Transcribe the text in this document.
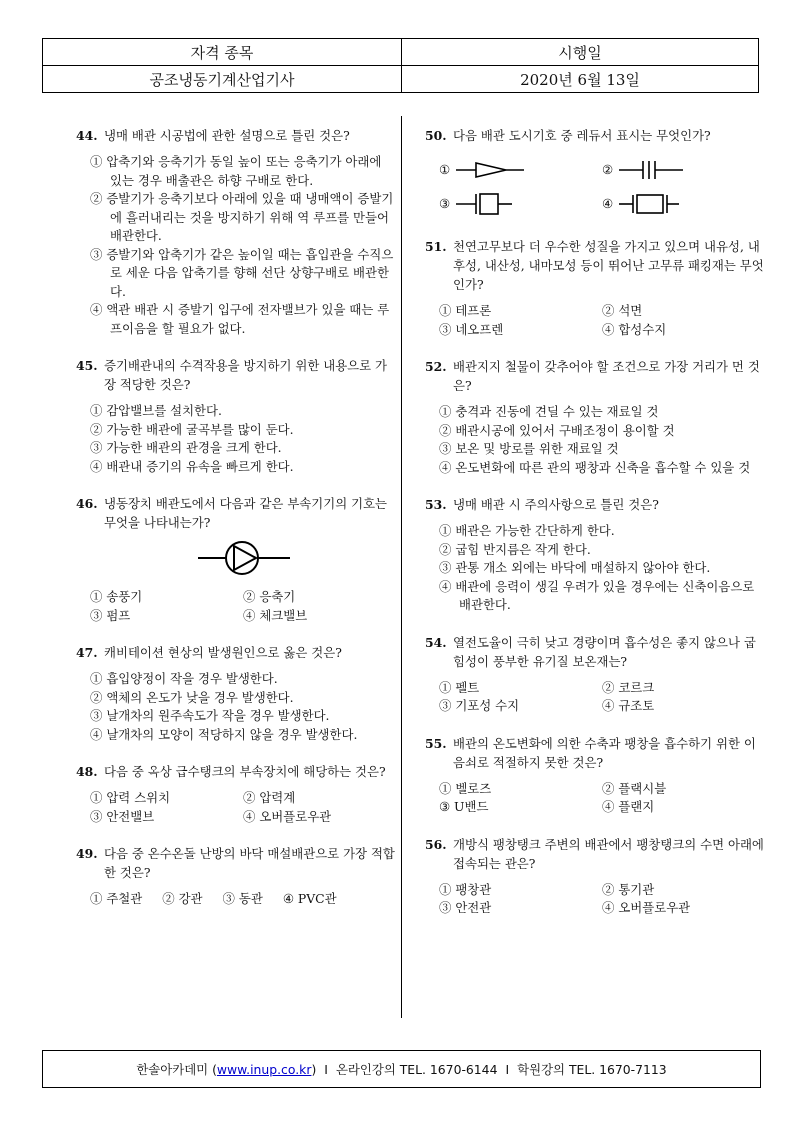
자격 종목	시행일
공조냉동기계산업기사	2020년 6월 13일
44. 냉매 배관 시공법에 관한 설명으로 틀린 것은?
① 압축기와 응축기가 동일 높이 또는 응축기가 아래에 있는 경우 배출관은 하향 구배로 한다.
② 증발기가 응축기보다 아래에 있을 때 냉매액이 증발기에 흘러내리는 것을 방지하기 위해 역 루프를 만들어 배관한다.
③ 증발기와 압축기가 같은 높이일 때는 흡입관을 수직으로 세운 다음 압축기를 향해 선단 상향구배로 배관한다.
④ 액관 배관 시 증발기 입구에 전자밸브가 있을 때는 루프이음을 할 필요가 없다.
45. 증기배관내의 수격작용을 방지하기 위한 내용으로 가장 적당한 것은?
① 감압밸브를 설치한다.
② 가능한 배관에 굴곡부를 많이 둔다.
③ 가능한 배관의 관경을 크게 한다.
④ 배관내 증기의 유속을 빠르게 한다.
46. 냉동장치 배관도에서 다음과 같은 부속기기의 기호는 무엇을 나타내는가?
① 송풍기	② 응축기
③ 펌프	④ 체크밸브
47. 캐비테이션 현상의 발생원인으로 옳은 것은?
① 흡입양정이 작을 경우 발생한다.
② 액체의 온도가 낮을 경우 발생한다.
③ 날개차의 원주속도가 작을 경우 발생한다.
④ 날개차의 모양이 적당하지 않을 경우 발생한다.
48. 다음 중 옥상 급수탱크의 부속장치에 해당하는 것은?
① 압력 스위치	② 압력계
③ 안전밸브	④ 오버플로우관
49. 다음 중 온수온돌 난방의 바닥 매설배관으로 가장 적합한 것은?
① 주철관 ② 강관 ③ 동관 ④ PVC관
50. 다음 배관 도시기호 중 레듀서 표시는 무엇인가?
①	②
③	④
51. 천연고무보다 더 우수한 성질을 가지고 있으며 내유성, 내후성, 내산성, 내마모성 등이 뛰어난 고무류 패킹재는 무엇인가?
① 테프론	② 석면
③ 네오프렌	④ 합성수지
52. 배관지지 철물이 갖추어야 할 조건으로 가장 거리가 먼 것은?
① 충격과 진동에 견딜 수 있는 재료일 것
② 배관시공에 있어서 구배조정이 용이할 것
③ 보온 및 방로를 위한 재료일 것
④ 온도변화에 따른 관의 팽창과 신축을 흡수할 수 있을 것
53. 냉매 배관 시 주의사항으로 틀린 것은?
① 배관은 가능한 간단하게 한다.
② 굽힘 반지름은 작게 한다.
③ 관통 개소 외에는 바닥에 매설하지 않아야 한다.
④ 배관에 응력이 생길 우려가 있을 경우에는 신축이음으로 배관한다.
54. 열전도율이 극히 낮고 경량이며 흡수성은 좋지 않으나 굽힘성이 풍부한 유기질 보온재는?
① 펠트	② 코르크
③ 기포성 수지	④ 규조토
55. 배관의 온도변화에 의한 수축과 팽창을 흡수하기 위한 이음쇠로 적절하지 못한 것은?
① 벨로즈	② 플랙시블
③ U밴드	④ 플랜지
56. 개방식 팽창탱크 주변의 배관에서 팽창탱크의 수면 아래에 접속되는 관은?
① 팽창관	② 통기관
③ 안전관	④ 오버플로우관
한솔아카데미 ( www.inup.co.kr ) I 온라인강의 TEL. 1670-6144 I 학원강의 TEL. 1670-7113
